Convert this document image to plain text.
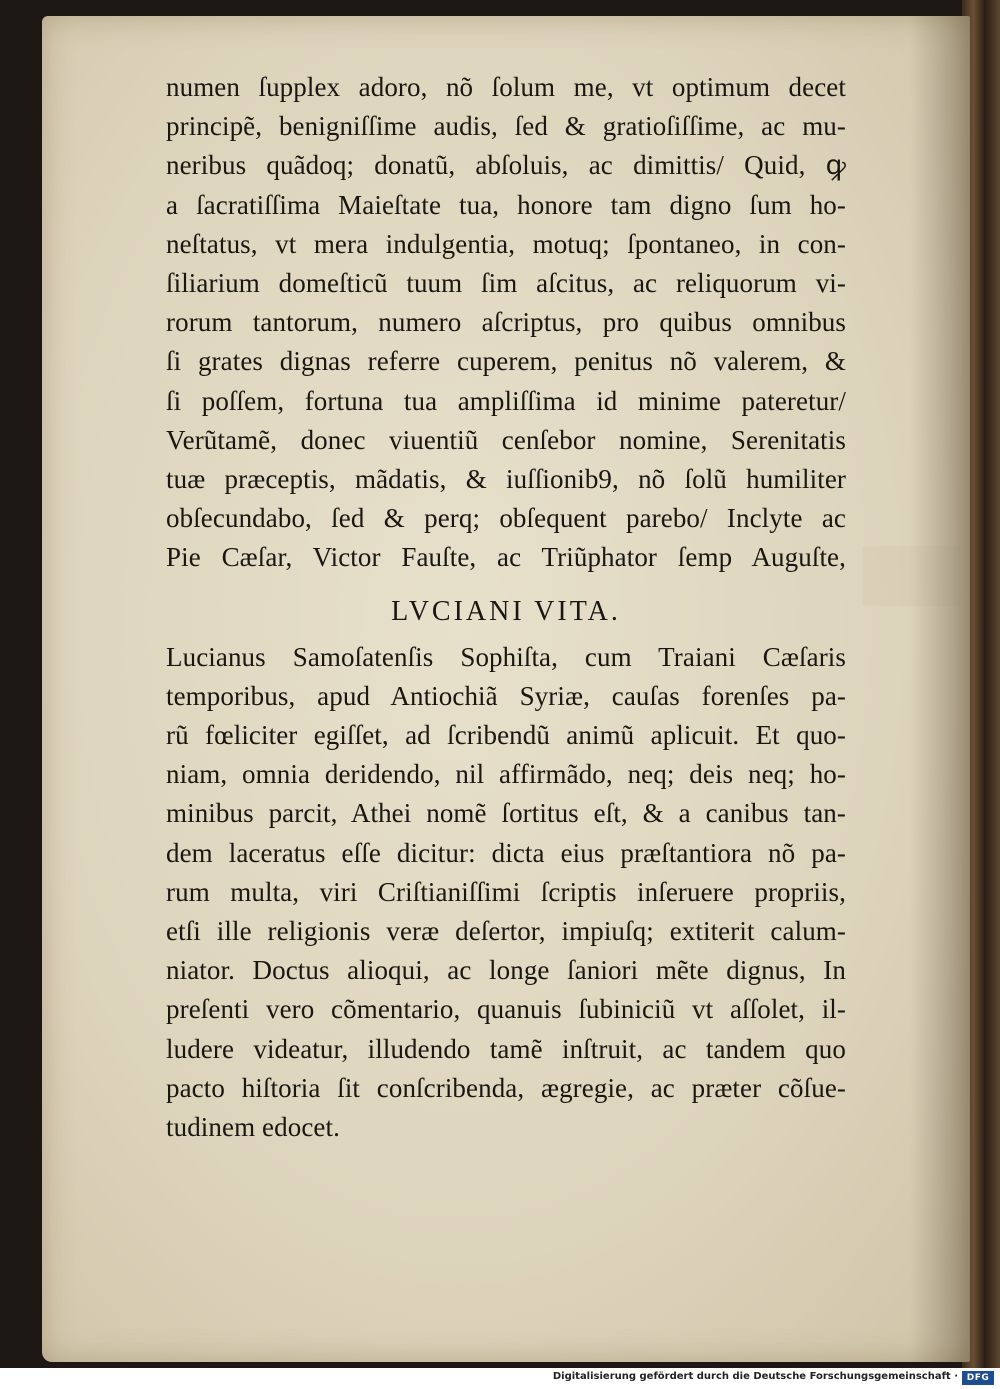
numen ſupplex adoro, nõ ſolum me, vt optimum decet
principẽ, benigniſſime audis, ſed & gratioſiſſime, ac mu-
neribus quãdoq; donatũ, abſoluis, ac dimittis/ Quid, ꝙ
a ſacratiſſima Maieſtate tua, honore tam digno ſum ho-
neſtatus, vt mera indulgentia, motuq; ſpontaneo, in con-
ſiliarium domeſticũ tuum ſim aſcitus, ac reliquorum vi-
rorum tantorum, numero aſcriptus, pro quibus omnibus
ſi grates dignas referre cuperem, penitus nõ valerem, &
ſi poſſem, fortuna tua ampliſſima id minime pateretur/
Verũtamẽ, donec viuentiũ cenſebor nomine, Serenitatis
tuæ præceptis, mãdatis, & iuſſionib9, nõ ſolũ humiliter
obſecundabo, ſed & perq; obſequent parebo/ Inclyte ac
Pie Cæſar, Victor Fauſte, ac Triũphator ſemp Auguſte,
LVCIANI VITA.
Lucianus Samoſatenſis Sophiſta, cum Traiani Cæſaris
temporibus, apud Antiochiã Syriæ, cauſas forenſes pa-
rũ fœliciter egiſſet, ad ſcribendũ animũ aplicuit. Et quo-
niam, omnia deridendo, nil affirmãdo, neq; deis neq; ho-
minibus parcit, Athei nomẽ ſortitus eſt, & a canibus tan-
dem laceratus eſſe dicitur: dicta eius præſtantiora nõ pa-
rum multa, viri Criſtianiſſimi ſcriptis inſeruere propriis,
etſi ille religionis veræ deſertor, impiuſq; extiterit calum-
niator. Doctus alioqui, ac longe ſaniori mẽte dignus, In
preſenti vero cõmentario, quanuis ſubiniciũ vt aſſolet, il-
ludere videatur, illudendo tamẽ inſtruit, ac tandem quo
pacto hiſtoria ſit conſcribenda, ægregie, ac præter cõſue-
tudinem edocet.
Digitalisierung gefördert durch die Deutsche Forschungsgemeinschaft · DFG
